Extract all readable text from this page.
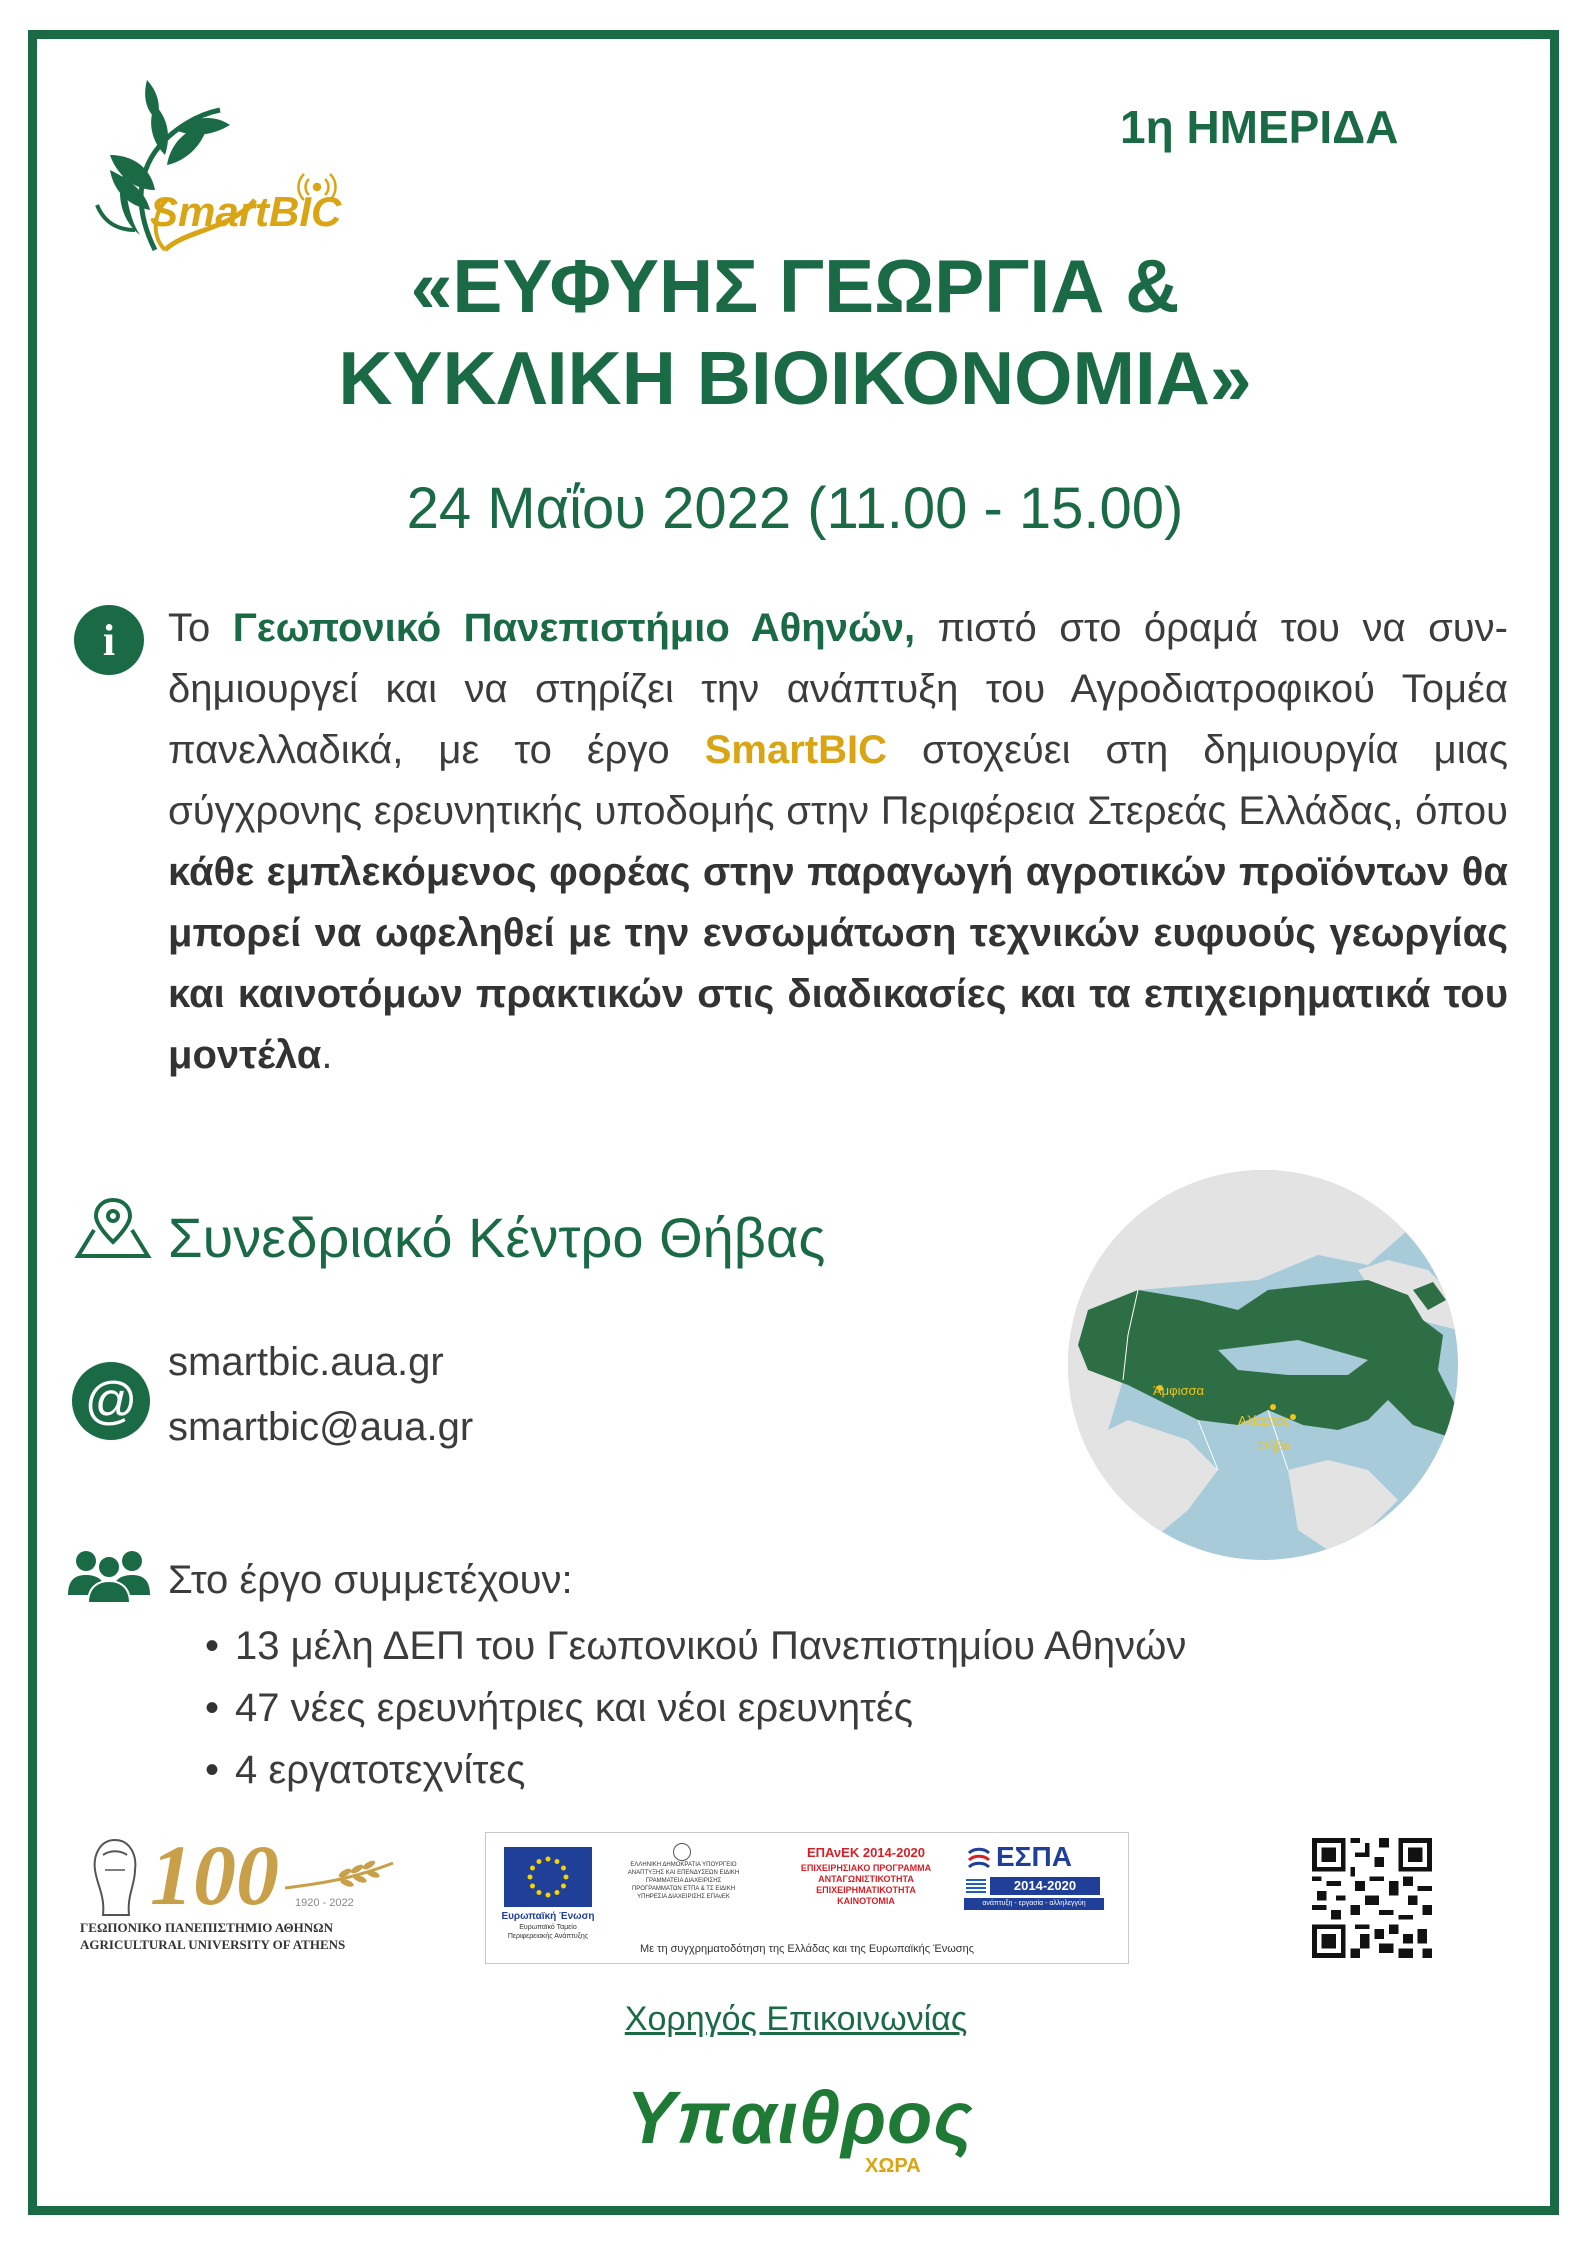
SmartBIC
1η ΗΜΕΡΙΔΑ
«ΕΥΦΥΗΣ ΓΕΩΡΓΙΑ &
ΚΥΚΛΙΚΗ ΒΙΟΙΚΟΝΟΜΙΑ»
24 Μαΐου 2022 (11.00 - 15.00)
i	Το Γεωπονικό Πανεπιστήμιο Αθηνών, πιστό στο όραμά του να συν-δημιουργεί και να στηρίζει την ανάπτυξη του Αγροδιατροφικού Τομέα πανελλαδικά, με το έργο SmartBIC στοχεύει στη δημιουργία μιας σύγχρονης ερευνητικής υποδομής στην Περιφέρεια Στερεάς Ελλάδας, όπου κάθε εμπλεκόμενος φορέας στην παραγωγή αγροτικών προϊόντων θα μπορεί να ωφεληθεί με την ενσωμάτωση τεχνικών ευφυούς γεωργίας και καινοτόμων πρακτικών στις διαδικασίες και τα επιχειρηματικά του μοντέλα.
Συνεδριακό Κέντρο Θήβας
@
smartbic.aua.gr
smartbic@aua.gr
Άμφισσα
Αλίαρτος
Θήβα
Στο έργο συμμετέχουν:
• 13 μέλη ΔΕΠ του Γεωπονικού Πανεπιστημίου Αθηνών
• 47 νέες ερευνήτριες και νέοι ερευνητές
• 4 εργατοτεχνίτες
100 1920 - 2022
ΓΕΩΠΟΝΙΚΟ ΠΑΝΕΠΙΣΤΗΜΙΟ ΑΘΗΝΩΝ
AGRICULTURAL UNIVERSITY OF ATHENS
Ευρωπαϊκή Ένωση
Ευρωπαϊκό Ταμείο Περιφερειακής Ανάπτυξης
ΕΛΛΗΝΙΚΗ ΔΗΜΟΚΡΑΤΙΑ ΥΠΟΥΡΓΕΙΟ ΑΝΑΠΤΥΞΗΣ ΚΑΙ ΕΠΕΝΔΥΣΕΩΝ ΕΙΔΙΚΗ ΓΡΑΜΜΑΤΕΙΑ ΔΙΑΧΕΙΡΙΣΗΣ ΠΡΟΓΡΑΜΜΑΤΩΝ ΕΤΠΑ & ΤΣ ΕΙΔΙΚΗ ΥΠΗΡΕΣΙΑ ΔΙΑΧΕΙΡΙΣΗΣ ΕΠΑνΕΚ
ΕΠΑνΕΚ 2014-2020
ΕΠΙΧΕΙΡΗΣΙΑΚΟ ΠΡΟΓΡΑΜΜΑ ΑΝΤΑΓΩΝΙΣΤΙΚΟΤΗΤΑ ΕΠΙΧΕΙΡΗΜΑΤΙΚΟΤΗΤΑ ΚΑΙΝΟΤΟΜΙΑ
ΕΣΠΑ
2014-2020
ανάπτυξη - εργασία - αλληλεγγύη
Με τη συγχρηματοδότηση της Ελλάδας και της Ευρωπαϊκής Ένωσης
Χορηγός Επικοινωνίας
Υπαιθρος
ΧΩΡΑ
